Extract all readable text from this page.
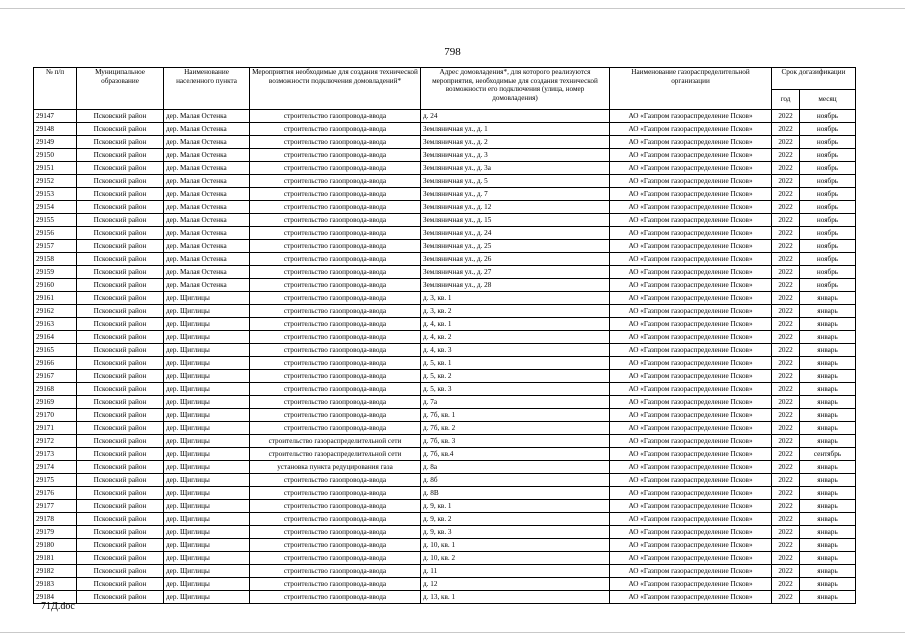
798
№ п/п	Муниципальное образование	Наименование населенного пункта	Мероприятия необходимые для создания технической возможности подключения домовладений*	Адрес домовладения*, для которого реализуются мероприятия, необходимые для создания технической возможности его подключения (улица, номер домовладения)	Наименование газораспределительной организации	Срок догазификации	
						год	месяц
29147	Псковский район	дер. Малая Остенка	строительство газопровода-ввода	д. 24	АО «Газпром газораспределение Псков»	2022	ноябрь
29148	Псковский район	дер. Малая Остенка	строительство газопровода-ввода	Земляничная ул., д. 1	АО «Газпром газораспределение Псков»	2022	ноябрь
29149	Псковский район	дер. Малая Остенка	строительство газопровода-ввода	Земляничная ул., д. 2	АО «Газпром газораспределение Псков»	2022	ноябрь
29150	Псковский район	дер. Малая Остенка	строительство газопровода-ввода	Земляничная ул., д. 3	АО «Газпром газораспределение Псков»	2022	ноябрь
29151	Псковский район	дер. Малая Остенка	строительство газопровода-ввода	Земляничная ул., д. 3а	АО «Газпром газораспределение Псков»	2022	ноябрь
29152	Псковский район	дер. Малая Остенка	строительство газопровода-ввода	Земляничная ул., д. 5	АО «Газпром газораспределение Псков»	2022	ноябрь
29153	Псковский район	дер. Малая Остенка	строительство газопровода-ввода	Земляничная ул., д. 7	АО «Газпром газораспределение Псков»	2022	ноябрь
29154	Псковский район	дер. Малая Остенка	строительство газопровода-ввода	Земляничная ул., д. 12	АО «Газпром газораспределение Псков»	2022	ноябрь
29155	Псковский район	дер. Малая Остенка	строительство газопровода-ввода	Земляничная ул., д. 15	АО «Газпром газораспределение Псков»	2022	ноябрь
29156	Псковский район	дер. Малая Остенка	строительство газопровода-ввода	Земляничная ул., д. 24	АО «Газпром газораспределение Псков»	2022	ноябрь
29157	Псковский район	дер. Малая Остенка	строительство газопровода-ввода	Земляничная ул., д. 25	АО «Газпром газораспределение Псков»	2022	ноябрь
29158	Псковский район	дер. Малая Остенка	строительство газопровода-ввода	Земляничная ул., д. 26	АО «Газпром газораспределение Псков»	2022	ноябрь
29159	Псковский район	дер. Малая Остенка	строительство газопровода-ввода	Земляничная ул., д. 27	АО «Газпром газораспределение Псков»	2022	ноябрь
29160	Псковский район	дер. Малая Остенка	строительство газопровода-ввода	Земляничная ул., д. 28	АО «Газпром газораспределение Псков»	2022	ноябрь
29161	Псковский район	дер. Щиглицы	строительство газопровода-ввода	д. 3, кв. 1	АО «Газпром газораспределение Псков»	2022	январь
29162	Псковский район	дер. Щиглицы	строительство газопровода-ввода	д. 3, кв. 2	АО «Газпром газораспределение Псков»	2022	январь
29163	Псковский район	дер. Щиглицы	строительство газопровода-ввода	д. 4, кв. 1	АО «Газпром газораспределение Псков»	2022	январь
29164	Псковский район	дер. Щиглицы	строительство газопровода-ввода	д. 4, кв. 2	АО «Газпром газораспределение Псков»	2022	январь
29165	Псковский район	дер. Щиглицы	строительство газопровода-ввода	д. 4, кв. 3	АО «Газпром газораспределение Псков»	2022	январь
29166	Псковский район	дер. Щиглицы	строительство газопровода-ввода	д. 5, кв. 1	АО «Газпром газораспределение Псков»	2022	январь
29167	Псковский район	дер. Щиглицы	строительство газопровода-ввода	д. 5, кв. 2	АО «Газпром газораспределение Псков»	2022	январь
29168	Псковский район	дер. Щиглицы	строительство газопровода-ввода	д. 5, кв. 3	АО «Газпром газораспределение Псков»	2022	январь
29169	Псковский район	дер. Щиглицы	строительство газопровода-ввода	д. 7а	АО «Газпром газораспределение Псков»	2022	январь
29170	Псковский район	дер. Щиглицы	строительство газопровода-ввода	д. 7б, кв. 1	АО «Газпром газораспределение Псков»	2022	январь
29171	Псковский район	дер. Щиглицы	строительство газопровода-ввода	д. 7б, кв. 2	АО «Газпром газораспределение Псков»	2022	январь
29172	Псковский район	дер. Щиглицы	строительство газораспределительной сети	д. 7б, кв. 3	АО «Газпром газораспределение Псков»	2022	январь
29173	Псковский район	дер. Щиглицы	строительство газораспределительной сети	д. 7б, кв.4	АО «Газпром газораспределение Псков»	2022	сентябрь
29174	Псковский район	дер. Щиглицы	установка пункта редуцирования газа	д. 8а	АО «Газпром газораспределение Псков»	2022	январь
29175	Псковский район	дер. Щиглицы	строительство газопровода-ввода	д. 8б	АО «Газпром газораспределение Псков»	2022	январь
29176	Псковский район	дер. Щиглицы	строительство газопровода-ввода	д. 8В	АО «Газпром газораспределение Псков»	2022	январь
29177	Псковский район	дер. Щиглицы	строительство газопровода-ввода	д. 9, кв. 1	АО «Газпром газораспределение Псков»	2022	январь
29178	Псковский район	дер. Щиглицы	строительство газопровода-ввода	д. 9, кв. 2	АО «Газпром газораспределение Псков»	2022	январь
29179	Псковский район	дер. Щиглицы	строительство газопровода-ввода	д. 9, кв. 3	АО «Газпром газораспределение Псков»	2022	январь
29180	Псковский район	дер. Щиглицы	строительство газопровода-ввода	д. 10, кв. 1	АО «Газпром газораспределение Псков»	2022	январь
29181	Псковский район	дер. Щиглицы	строительство газопровода-ввода	д. 10, кв. 2	АО «Газпром газораспределение Псков»	2022	январь
29182	Псковский район	дер. Щиглицы	строительство газопровода-ввода	д. 11	АО «Газпром газораспределение Псков»	2022	январь
29183	Псковский район	дер. Щиглицы	строительство газопровода-ввода	д. 12	АО «Газпром газораспределение Псков»	2022	январь
29184	Псковский район	дер. Щиглицы	строительство газопровода-ввода	д. 13, кв. 1	АО «Газпром газораспределение Псков»	2022	январь
71Д.doc
